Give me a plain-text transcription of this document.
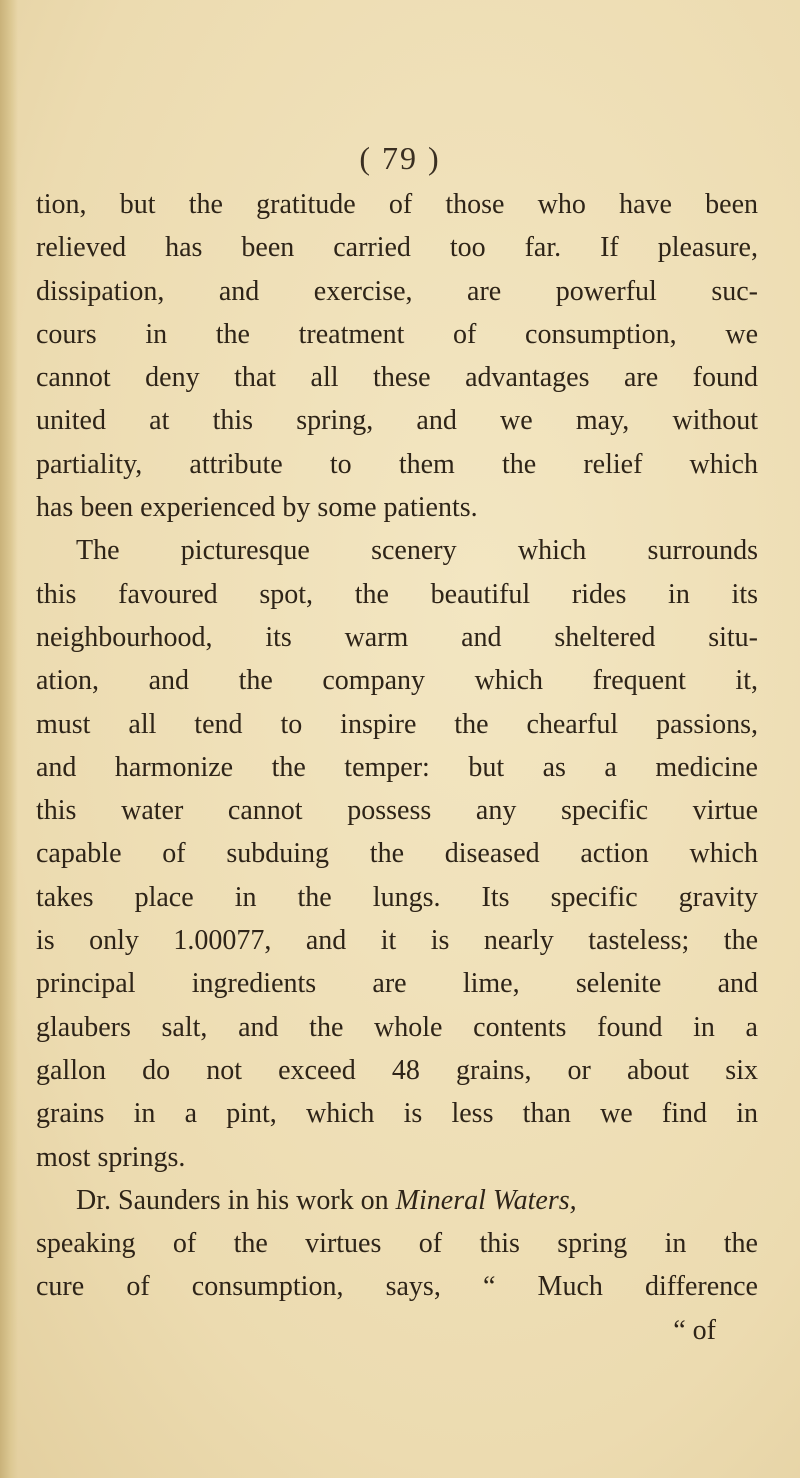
( 79 )
tion, but the gratitude of those who have been
relieved has been carried too far. If pleasure,
dissipation, and exercise, are powerful suc-
cours in the treatment of consumption, we
cannot deny that all these advantages are found
united at this spring, and we may, without
partiality, attribute to them the relief which
has been experienced by some patients.
The picturesque scenery which surrounds
this favoured spot, the beautiful rides in its
neighbourhood, its warm and sheltered situ-
ation, and the company which frequent it,
must all tend to inspire the chearful passions,
and harmonize the temper: but as a medicine
this water cannot possess any specific virtue
capable of subduing the diseased action which
takes place in the lungs. Its specific gravity
is only 1.00077, and it is nearly tasteless; the
principal ingredients are lime, selenite and
glaubers salt, and the whole contents found in a
gallon do not exceed 48 grains, or about six
grains in a pint, which is less than we find in
most springs.
Dr. Saunders in his work on Mineral Waters,
speaking of the virtues of this spring in the
cure of consumption, says, “ Much difference
“ of
